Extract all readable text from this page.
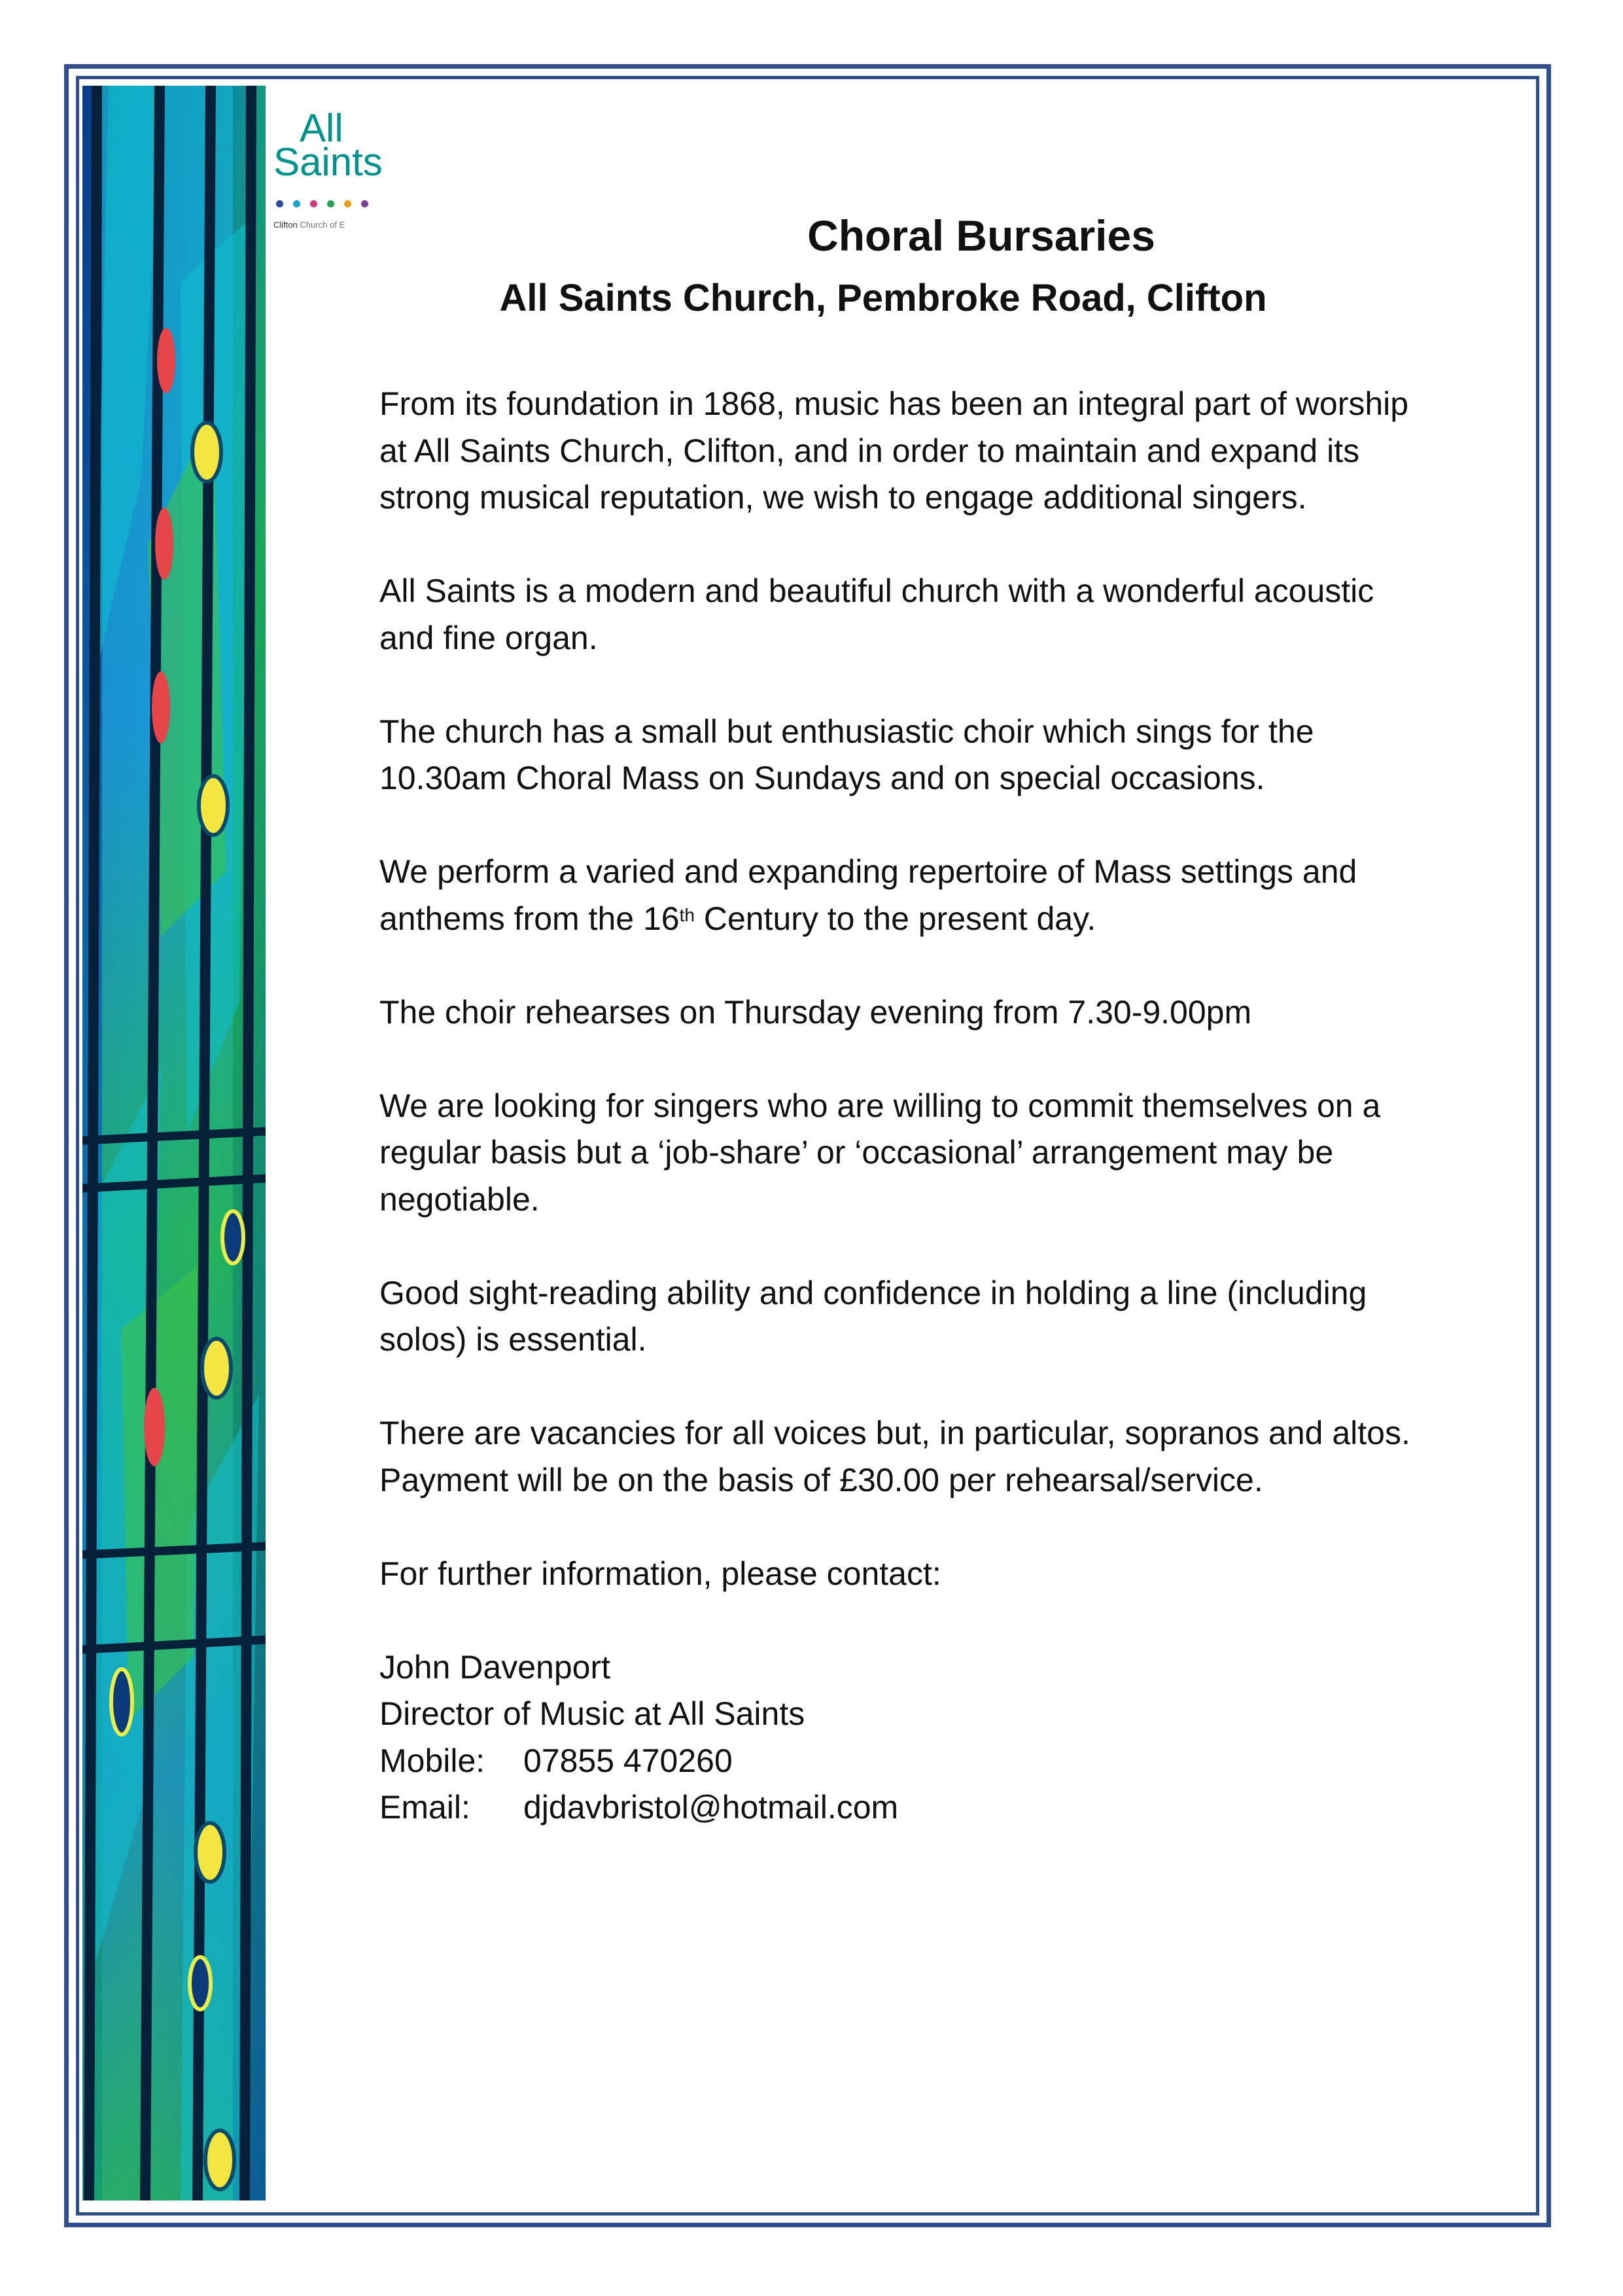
All
Saints
Clifton Church of E	Choral Bursaries
All Saints Church, Pembroke Road, Clifton

From its foundation in 1868, music has been an integral part of worship at All Saints Church, Clifton, and in order to maintain and expand its strong musical reputation, we wish to engage additional singers.

All Saints is a modern and beautiful church with a wonderful acoustic and fine organ.

The church has a small but enthusiastic choir which sings for the 10.30am Choral Mass on Sundays and on special occasions.

We perform a varied and expanding repertoire of Mass settings and anthems from the 16th Century to the present day.

The choir rehearses on Thursday evening from 7.30-9.00pm

We are looking for singers who are willing to commit themselves on a regular basis but a ‘job-share’ or ‘occasional’ arrangement may be negotiable.

Good sight-reading ability and confidence in holding a line (including solos) is essential.

There are vacancies for all voices but, in particular, sopranos and altos. Payment will be on the basis of £30.00 per rehearsal/service.

For further information, please contact:

John Davenport
Director of Music at All Saints
Mobile: 07855 470260
Email: djdavbristol@hotmail.com
